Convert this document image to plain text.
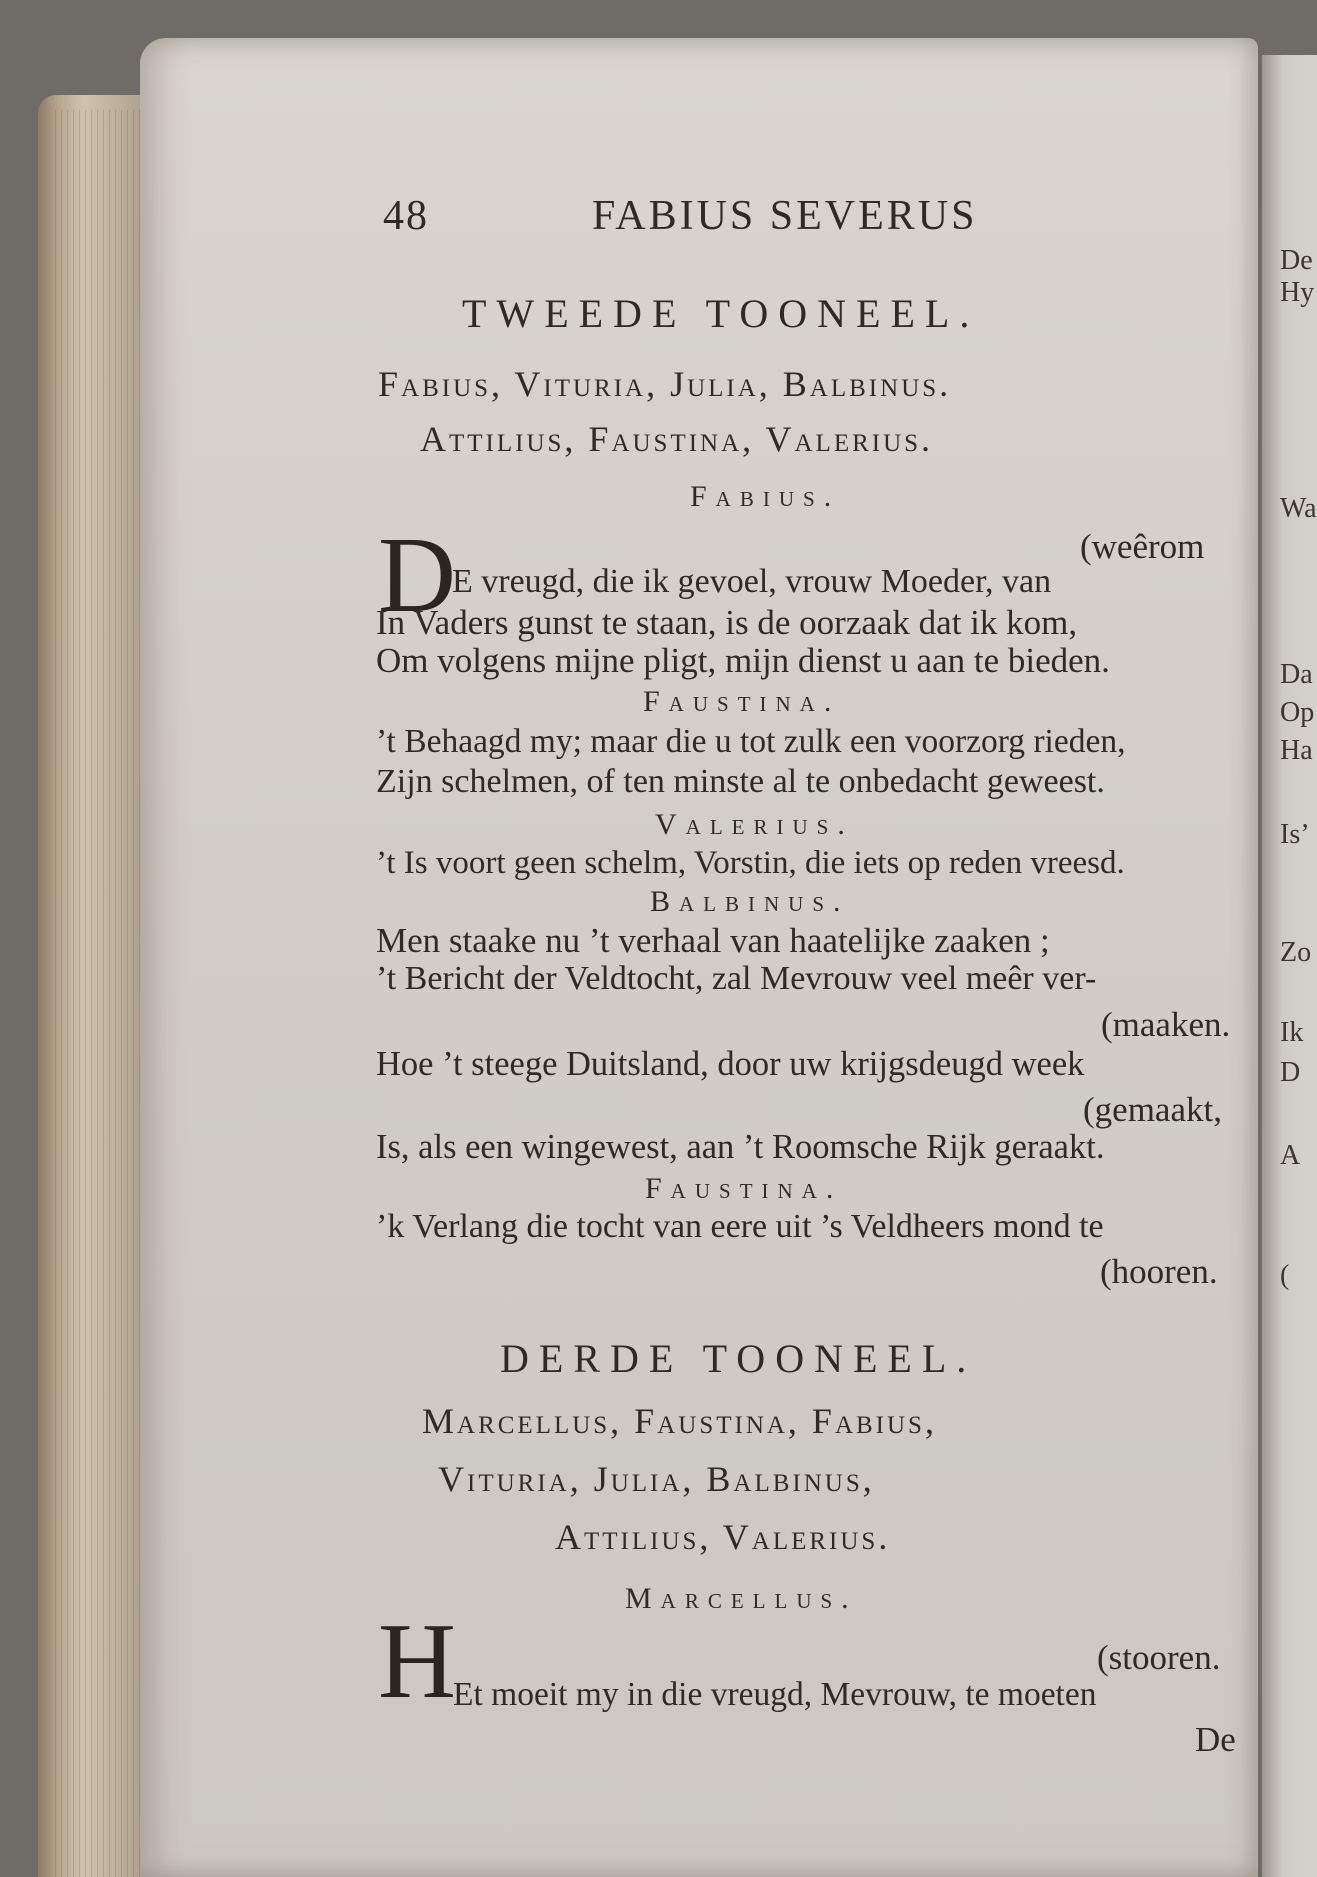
De
Hy
Wa
Da
Op
Ha
Is’
Zo
Ik
D
A
(
48	FABIUS SEVERUS
TWEEDE TOONEEL.
Fabius, Vituria, Julia, Balbinus.
Attilius, Faustina, Valerius.
Fabius.
(weêrom
D
E vreugd, die ik gevoel, vrouw Moeder, van
In Vaders gunst te staan, is de oorzaak dat ik kom,
Om volgens mijne pligt, mijn dienst u aan te bieden.
Faustina.
’t Behaagd my; maar die u tot zulk een voorzorg rieden,
Zijn schelmen, of ten minste al te onbedacht geweest.
Valerius.
’t Is voort geen schelm, Vorstin, die iets op reden vreesd.
Balbinus.
Men staake nu ’t verhaal van haatelijke zaaken ;
’t Bericht der Veldtocht, zal Mevrouw veel meêr ver-
(maaken.
Hoe ’t steege Duitsland, door uw krijgsdeugd week
(gemaakt,
Is, als een wingewest, aan ’t Roomsche Rijk geraakt.
Faustina.
’k Verlang die tocht van eere uit ’s Veldheers mond te
(hooren.
DERDE TOONEEL.
Marcellus, Faustina, Fabius,
Vituria, Julia, Balbinus,
Attilius, Valerius.
Marcellus.
(stooren.
H
Et moeit my in die vreugd, Mevrouw, te moeten
De
